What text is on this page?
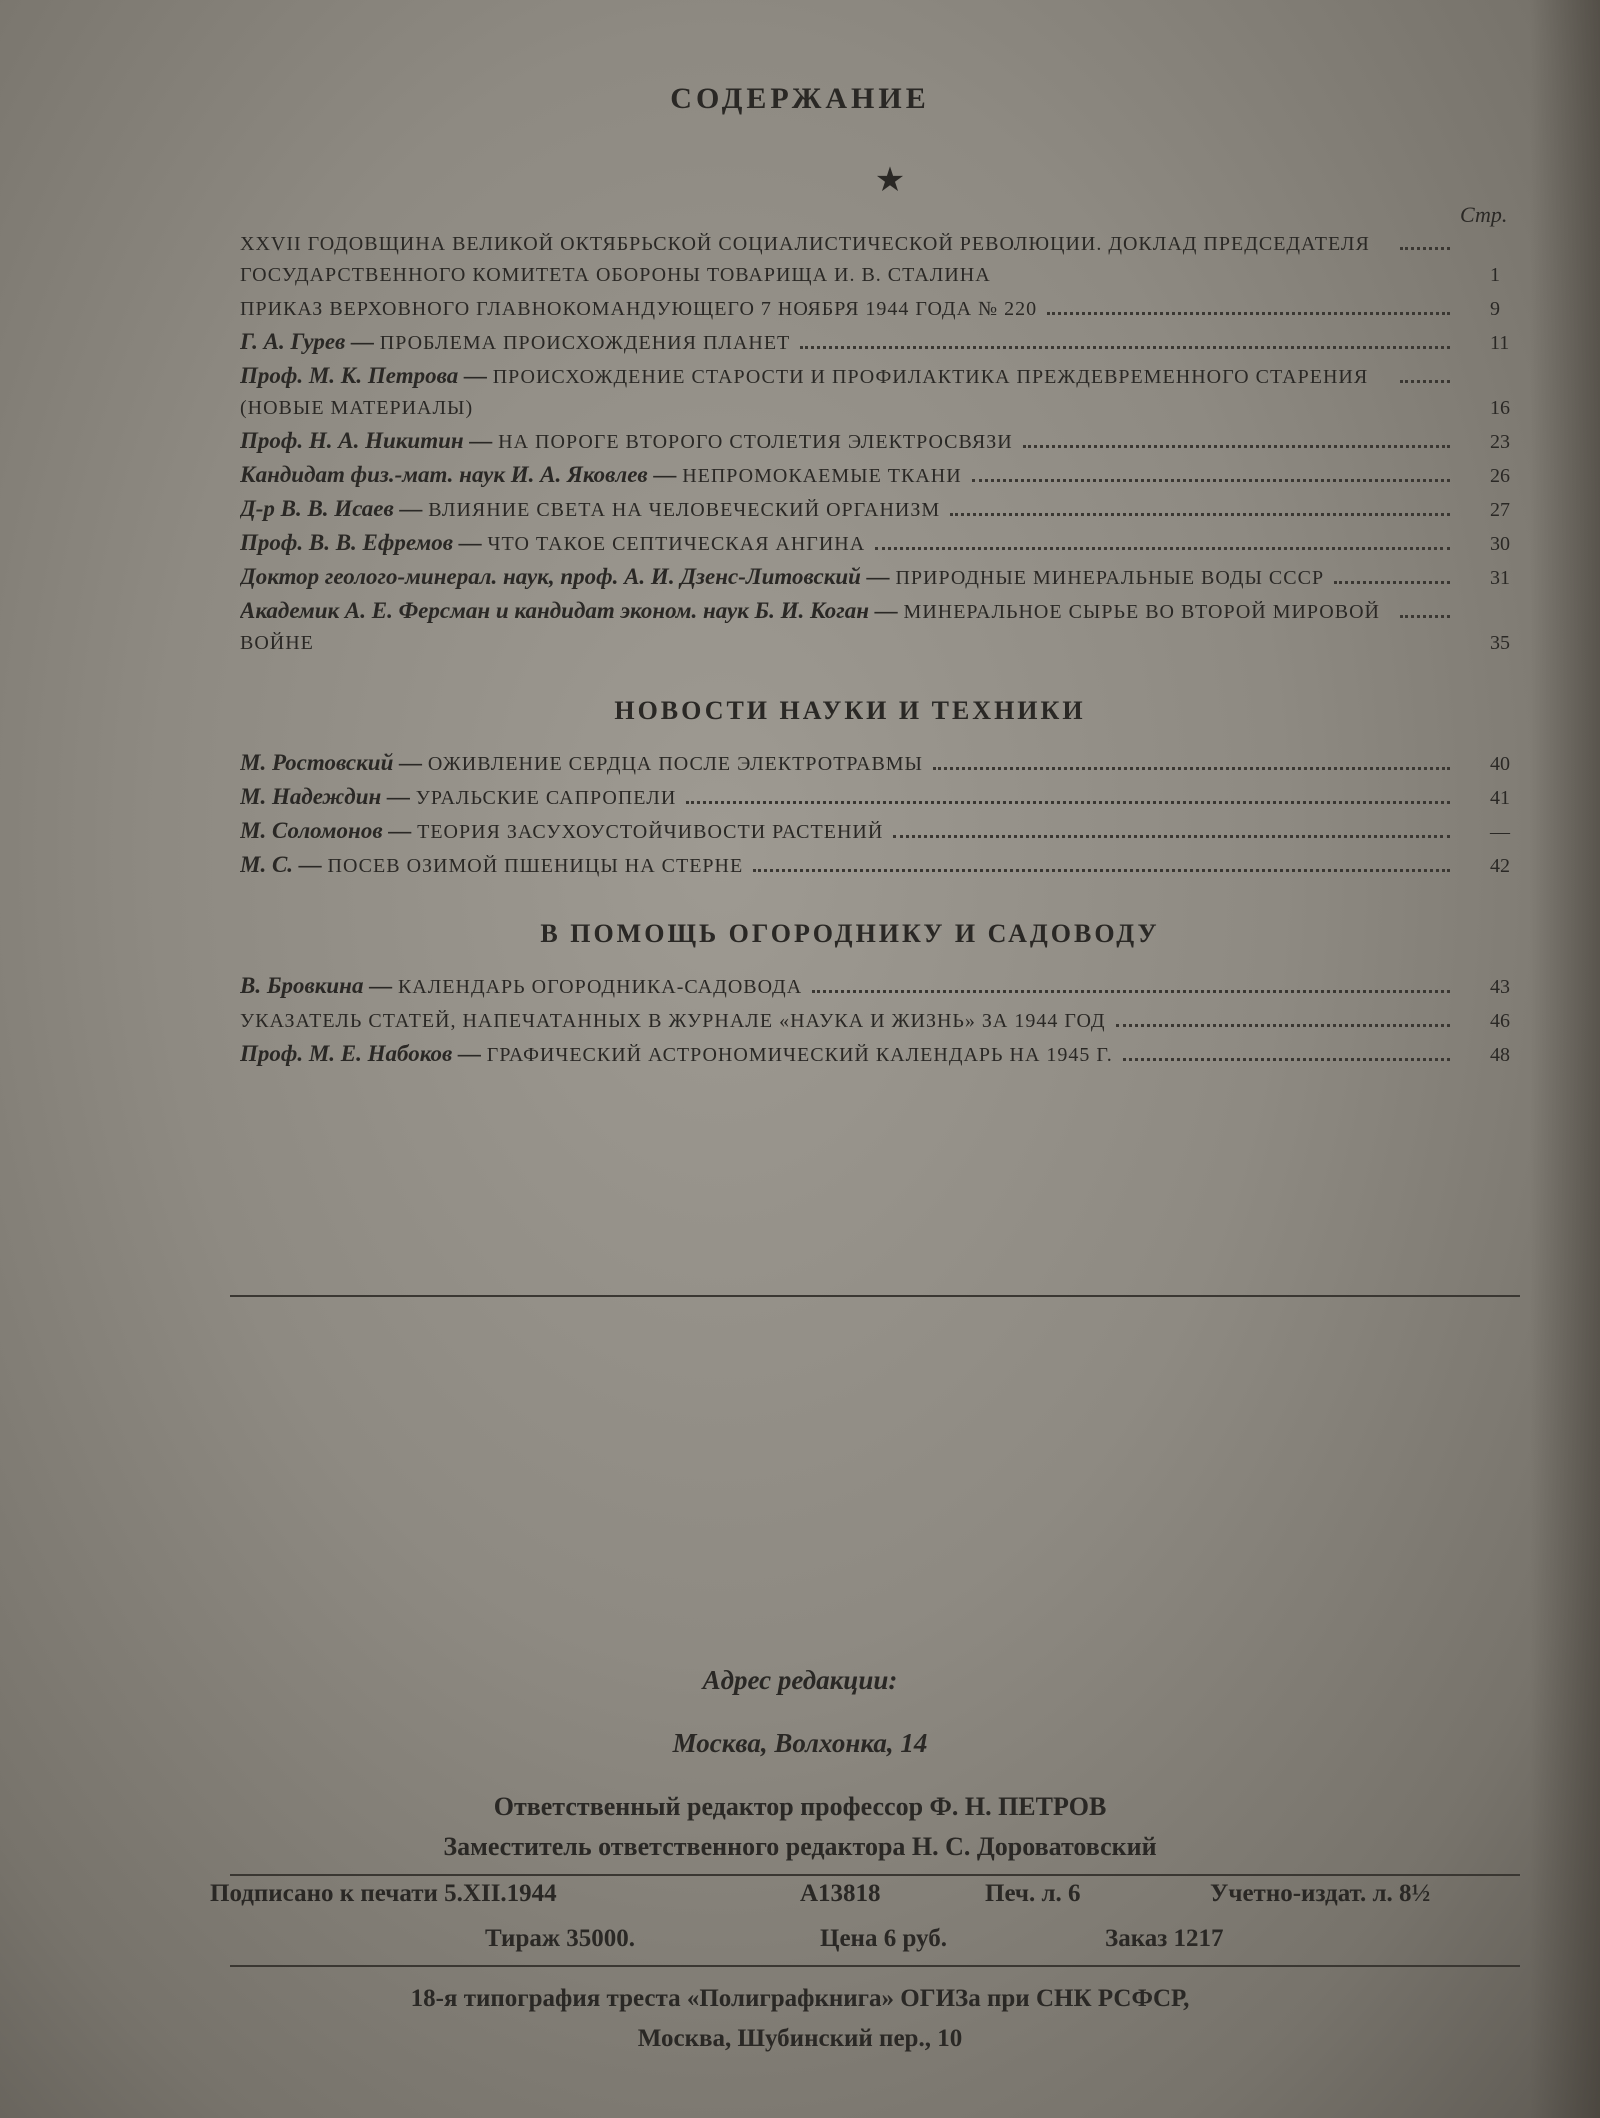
СОДЕРЖАНИЕ
★
Стр.
XXVII ГОДОВЩИНА ВЕЛИКОЙ ОКТЯБРЬСКОЙ СОЦИАЛИСТИЧЕСКОЙ РЕВОЛЮЦИИ. ДОКЛАД ПРЕДСЕДАТЕЛЯ ГОСУДАРСТВЕННОГО КОМИТЕТА ОБОРОНЫ ТОВАРИЩА И. В. СТАЛИНА	1
ПРИКАЗ ВЕРХОВНОГО ГЛАВНОКОМАНДУЮЩЕГО 7 НОЯБРЯ 1944 ГОДА № 220	9
Г. А. Гурев — ПРОБЛЕМА ПРОИСХОЖДЕНИЯ ПЛАНЕТ	11
Проф. М. К. Петрова — ПРОИСХОЖДЕНИЕ СТАРОСТИ И ПРОФИЛАКТИКА ПРЕЖДЕВРЕМЕННОГО СТАРЕНИЯ (НОВЫЕ МАТЕРИАЛЫ)	16
Проф. Н. А. Никитин — НА ПОРОГЕ ВТОРОГО СТОЛЕТИЯ ЭЛЕКТРОСВЯЗИ	23
Кандидат физ.-мат. наук И. А. Яковлев — НЕПРОМОКАЕМЫЕ ТКАНИ	26
Д-р В. В. Исаев — ВЛИЯНИЕ СВЕТА НА ЧЕЛОВЕЧЕСКИЙ ОРГАНИЗМ	27
Проф. В. В. Ефремов — ЧТО ТАКОЕ СЕПТИЧЕСКАЯ АНГИНА	30
Доктор геолого-минерал. наук, проф. А. И. Дзенс-Литовский — ПРИРОДНЫЕ МИНЕРАЛЬНЫЕ ВОДЫ СССР	31
Академик А. Е. Ферсман и кандидат эконом. наук Б. И. Коган — МИНЕРАЛЬНОЕ СЫРЬЕ ВО ВТОРОЙ МИРОВОЙ ВОЙНЕ	35
НОВОСТИ НАУКИ И ТЕХНИКИ
М. Ростовский — ОЖИВЛЕНИЕ СЕРДЦА ПОСЛЕ ЭЛЕКТРОТРАВМЫ	40
М. Надеждин — УРАЛЬСКИЕ САПРОПЕЛИ	41
М. Соломонов — ТЕОРИЯ ЗАСУХОУСТОЙЧИВОСТИ РАСТЕНИЙ	—
М. С. — ПОСЕВ ОЗИМОЙ ПШЕНИЦЫ НА СТЕРНЕ	42
В ПОМОЩЬ ОГОРОДНИКУ И САДОВОДУ
В. Бровкина — КАЛЕНДАРЬ ОГОРОДНИКА-САДОВОДА	43
УКАЗАТЕЛЬ СТАТЕЙ, НАПЕЧАТАННЫХ В ЖУРНАЛЕ «НАУКА И ЖИЗНЬ» ЗА 1944 ГОД	46
Проф. М. Е. Набоков — ГРАФИЧЕСКИЙ АСТРОНОМИЧЕСКИЙ КАЛЕНДАРЬ НА 1945 Г.	48
Адрес редакции:
Москва, Волхонка, 14
Ответственный редактор профессор Ф. Н. ПЕТРОВ
Заместитель ответственного редактора Н. С. Дороватовский
Подписано к печати 5.XII.1944	А13818	Печ. л. 6	Учетно-издат. л. 8½
Тираж 35000.	Цена 6 руб.	Заказ 1217
18-я типография треста «Полиграфкнига» ОГИЗа при СНК РСФСР,
Москва, Шубинский пер., 10
